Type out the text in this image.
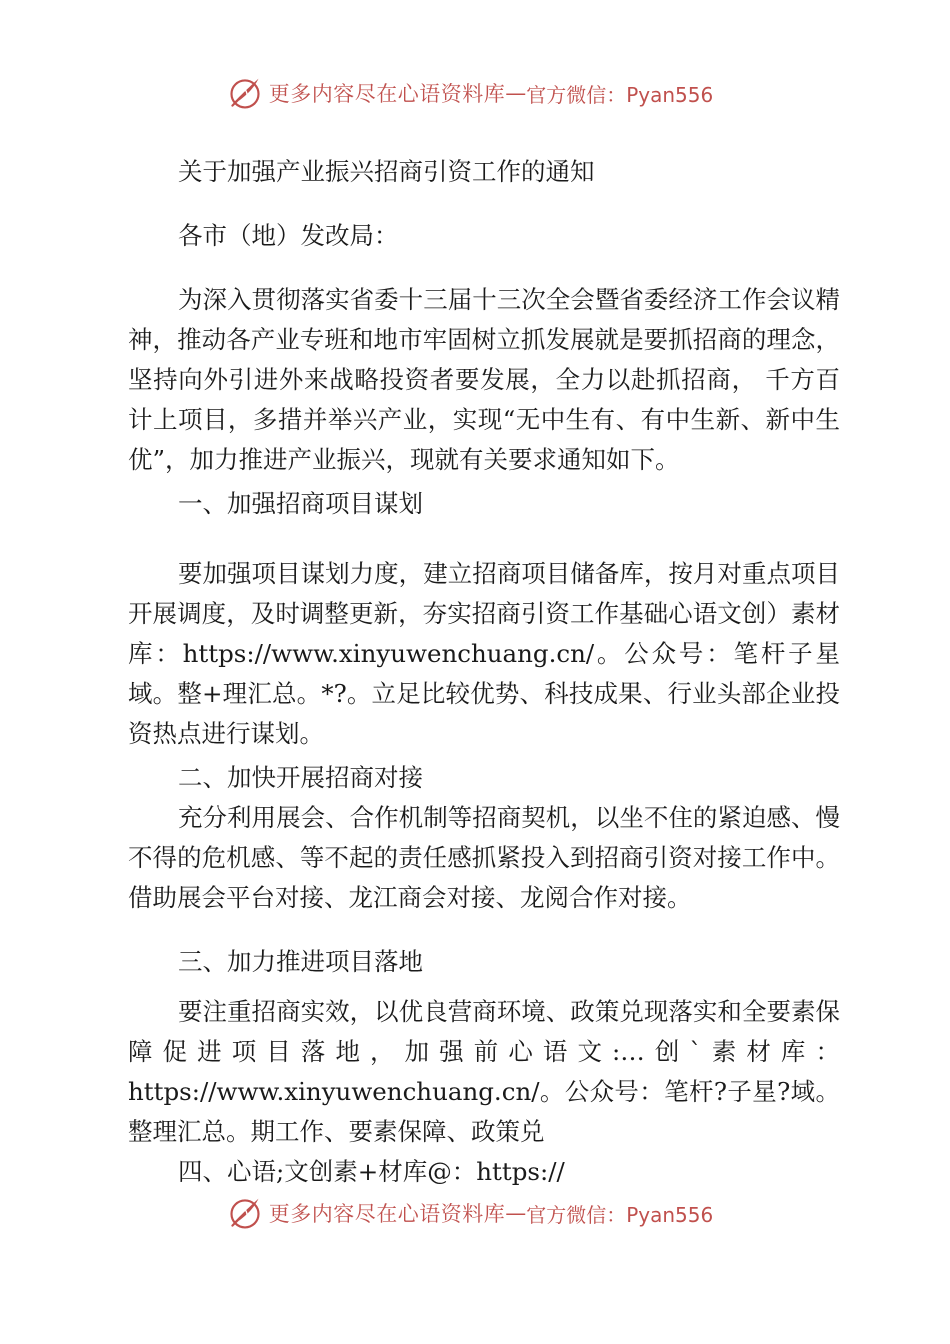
更多内容尽在心语资料库 — 官方微信：Pyan556

关于加强产业振兴招商引资工作的通知

各市（地）发改局：

为深入贯彻落实省委十三届十三次全会暨省委经济工作会议精神，推动各产业专班和地市牢固树立抓发展就是要抓招商的理念，坚持向外引进外来战略投资者要发展，全力以赴抓招商， 千方百计上项目，多措并举兴产业，实现“无中生有、有中生新、新中生优”，加力推进产业振兴，现就有关要求通知如下。

一、加强招商项目谋划

要加强项目谋划力度，建立招商项目储备库，按月对重点项目开展调度，及时调整更新，夯实招商引资工作基础心语文创）素材库：https://www.xinyuwenchuang.cn/。公众号：笔杆子星域。整+理汇总。*?。立足比较优势、科技成果、行业头部企业投资热点进行谋划。

二、加快开展招商对接

充分利用展会、合作机制等招商契机，以坐不住的紧迫感、慢不得的危机感、等不起的责任感抓紧投入到招商引资对接工作中。借助展会平台对接、龙江商会对接、龙阅合作对接。

三、加力推进项目落地

要注重招商实效，以优良营商环境、政策兑现落实和全要素保障促进项目落地，加强前心语文:…创`素材库：https://www.xinyuwenchuang.cn/。公众号：笔杆?子星?域。整理汇总。期工作、要素保障、政策兑

四、心语;文创素+材库@：https://

更多内容尽在心语资料库 — 官方微信：Pyan556
